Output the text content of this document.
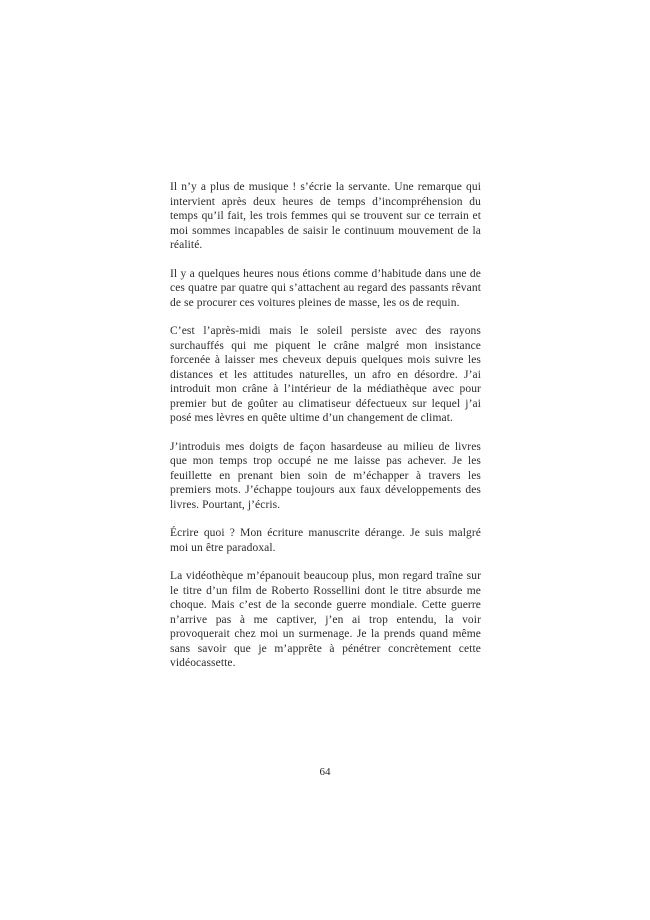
Il n’y a plus de musique ! s’écrie la servante. Une remarque qui intervient après deux heures de temps d’incompréhension du temps qu’il fait, les trois femmes qui se trouvent sur ce terrain et moi sommes incapables de saisir le continuum mouvement de la réalité.

Il y a quelques heures nous étions comme d’habitude dans une de ces quatre par quatre qui s’attachent au regard des passants rêvant de se procurer ces voitures pleines de masse, les os de requin.

C’est l’après-midi mais le soleil persiste avec des rayons surchauffés qui me piquent le crâne malgré mon insistance forcenée à laisser mes cheveux depuis quelques mois suivre les distances et les attitudes naturelles, un afro en désordre. J’ai introduit mon crâne à l’intérieur de la médiathèque avec pour premier but de goûter au climatiseur défectueux sur lequel j’ai posé mes lèvres en quête ultime d’un changement de climat.

J’introduis mes doigts de façon hasardeuse au milieu de livres que mon temps trop occupé ne me laisse pas achever. Je les feuillette en prenant bien soin de m’échapper à travers les premiers mots. J’échappe toujours aux faux développements des livres. Pourtant, j’écris.

Écrire quoi ? Mon écriture manuscrite dérange. Je suis malgré moi un être paradoxal.

La vidéothèque m’épanouit beaucoup plus, mon regard traîne sur le titre d’un film de Roberto Rossellini dont le titre absurde me choque. Mais c’est de la seconde guerre mondiale. Cette guerre n’arrive pas à me captiver, j’en ai trop entendu, la voir provoquerait chez moi un surmenage. Je la prends quand même sans savoir que je m’apprête à pénétrer concrètement cette vidéocassette.

64
